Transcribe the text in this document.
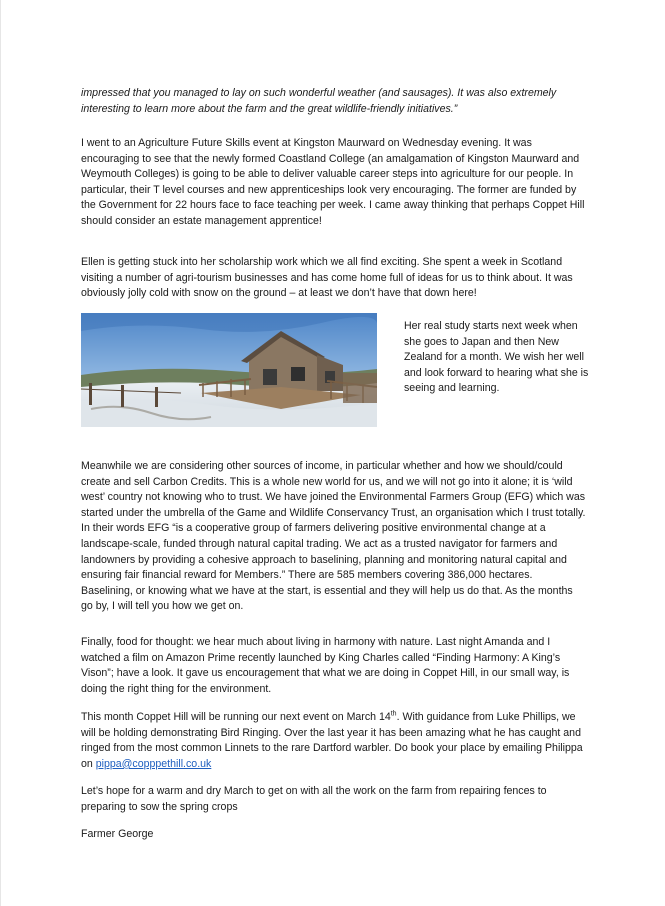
impressed that you managed to lay on such wonderful weather (and sausages). It was also extremely interesting to learn more about the farm and the great wildlife-friendly initiatives.”

I went to an Agriculture Future Skills event at Kingston Maurward on Wednesday evening. It was encouraging to see that the newly formed Coastland College (an amalgamation of Kingston Maurward and Weymouth Colleges) is going to be able to deliver valuable career steps into agriculture for our people. In particular, their T level courses and new apprenticeships look very encouraging. The former are funded by the Government for 22 hours face to face teaching per week. I came away thinking that perhaps Coppet Hill should consider an estate management apprentice!

Ellen is getting stuck into her scholarship work which we all find exciting. She spent a week in Scotland visiting a number of agri-tourism businesses and has come home full of ideas for us to think about. It was obviously jolly cold with snow on the ground – at least we don’t have that down here!

Her real study starts next week when she goes to Japan and then New Zealand for a month. We wish her well and look forward to hearing what she is seeing and learning.

Meanwhile we are considering other sources of income, in particular whether and how we should/could create and sell Carbon Credits. This is a whole new world for us, and we will not go into it alone; it is ‘wild west’ country not knowing who to trust. We have joined the Environmental Farmers Group (EFG) which was started under the umbrella of the Game and Wildlife Conservancy Trust, an organisation which I trust totally. In their words EFG “is a cooperative group of farmers delivering positive environmental change at a landscape-scale, funded through natural capital trading. We act as a trusted navigator for farmers and landowners by providing a cohesive approach to baselining, planning and monitoring natural capital and ensuring fair financial reward for Members.” There are 585 members covering 386,000 hectares. Baselining, or knowing what we have at the start, is essential and they will help us do that. As the months go by, I will tell you how we get on.

Finally, food for thought: we hear much about living in harmony with nature. Last night Amanda and I watched a film on Amazon Prime recently launched by King Charles called “Finding Harmony: A King’s Vison”; have a look. It gave us encouragement that what we are doing in Coppet Hill, in our small way, is doing the right thing for the environment.

This month Coppet Hill will be running our next event on March 14th. With guidance from Luke Phillips, we will be holding demonstrating Bird Ringing. Over the last year it has been amazing what he has caught and ringed from the most common Linnets to the rare Dartford warbler. Do book your place by emailing Philippa on pippa@copppethill.co.uk

Let’s hope for a warm and dry March to get on with all the work on the farm from repairing fences to preparing to sow the spring crops

Farmer George
